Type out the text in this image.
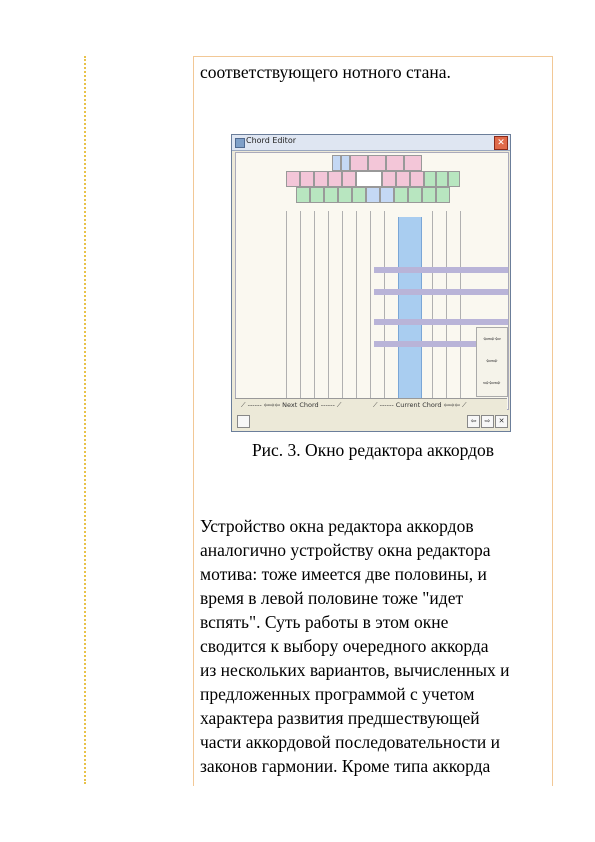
соответствующего нотного стана.
Chord Editor	✕
⇦⇨⇦
⇦⇨
⇨⇦⇨
⟋ ------ ⇦⇨⇦ Next Chord ------ ⟋	⟋ ------ Current Chord ⇦⇨⇦ ⟋
⇦	⇨	✕
Рис. 3. Окно редактора аккордов
Устройство окна редактора аккордов
аналогично устройству окна редактора
мотива: тоже имеется две половины, и
время в левой половине тоже "идет
вспять". Суть работы в этом окне
сводится к выбору очередного аккорда
из нескольких вариантов, вычисленных и
предложенных программой с учетом
характера развития предшествующей
части аккордовой последовательности и
законов гармонии. Кроме типа аккорда
